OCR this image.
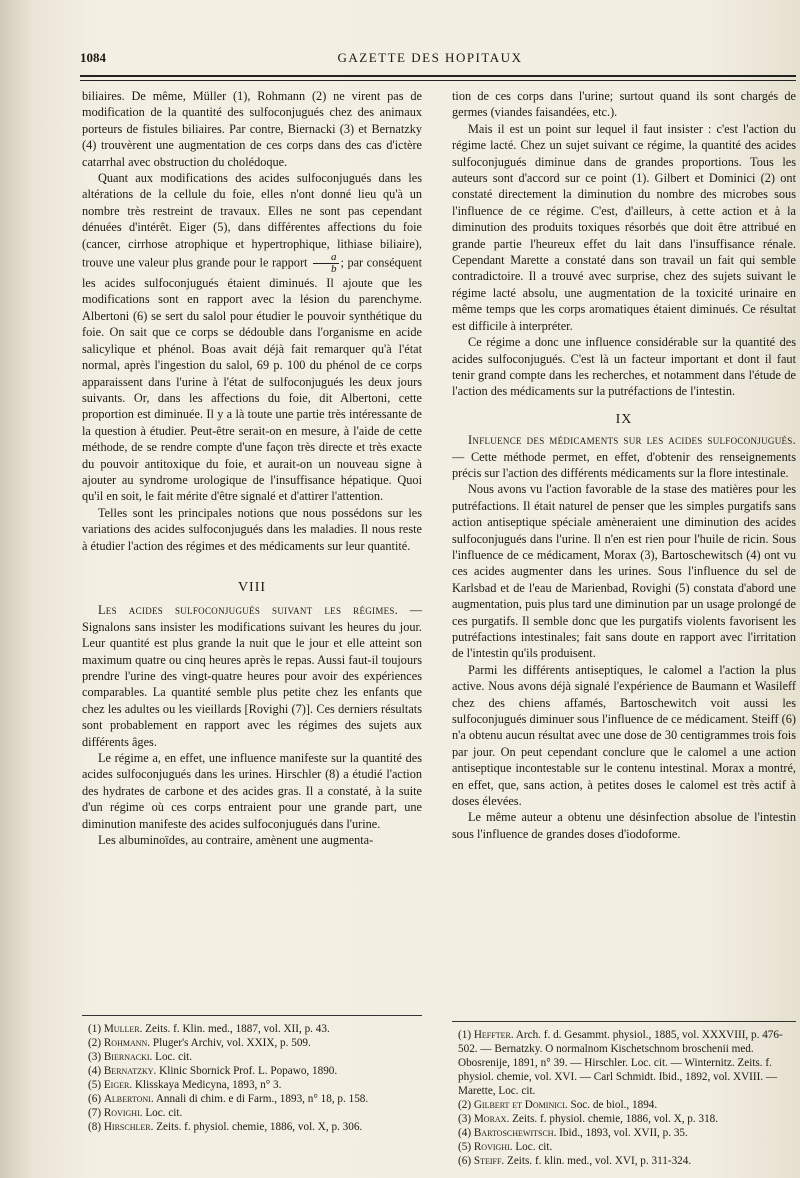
1084	GAZETTE DES HOPITAUX

biliaires. De même, Müller (1), Rohmann (2) ne virent pas de modification de la quantité des sulfoconjugués chez des animaux porteurs de fistules biliaires. Par contre, Biernacki (3) et Bernatzky (4) trouvèrent une augmentation de ces corps dans des cas d'ictère catarrhal avec obstruction du cholédoque.

Quant aux modifications des acides sulfoconjugués dans les altérations de la cellule du foie, elles n'ont donné lieu qu'à un nombre très restreint de travaux. Elles ne sont pas cependant dénuées d'intérêt. Eiger (5), dans différentes affections du foie (cancer, cirrhose atrophique et hypertrophique, lithiase biliaire), trouve une valeur plus grande pour le rapport $\frac{a}{b}$ ; par conséquent les acides sulfoconjugués étaient diminués. Il ajoute que les modifications sont en rapport avec la lésion du parenchyme. Albertoni (6) se sert du salol pour étudier le pouvoir synthétique du foie. On sait que ce corps se dédouble dans l'organisme en acide salicylique et phénol. Boas avait déjà fait remarquer qu'à l'état normal, après l'ingestion du salol, 69 p. 100 du phénol de ce corps apparaissent dans l'urine à l'état de sulfoconjugués les deux jours suivants. Or, dans les affections du foie, dit Albertoni, cette proportion est diminuée. Il y a là toute une partie très intéressante de la question à étudier. Peut-être serait-on en mesure, à l'aide de cette méthode, de se rendre compte d'une façon très directe et très exacte du pouvoir antitoxique du foie, et aurait-on un nouveau signe à ajouter au syndrome urologique de l'insuffisance hépatique. Quoi qu'il en soit, le fait mérite d'être signalé et d'attirer l'attention.

Telles sont les principales notions que nous possédons sur les variations des acides sulfoconjugués dans les maladies. Il nous reste à étudier l'action des régimes et des médicaments sur leur quantité.

VIII

Les acides sulfoconjugués suivant les régimes. — Signalons sans insister les modifications suivant les heures du jour. Leur quantité est plus grande la nuit que le jour et elle atteint son maximum quatre ou cinq heures après le repas. Aussi faut-il toujours prendre l'urine des vingt-quatre heures pour avoir des expériences comparables. La quantité semble plus petite chez les enfants que chez les adultes ou les vieillards [Rovighi (7)]. Ces derniers résultats sont probablement en rapport avec les régimes des sujets aux différents âges.

Le régime a, en effet, une influence manifeste sur la quantité des acides sulfoconjugués dans les urines. Hirschler (8) a étudié l'action des hydrates de carbone et des acides gras. Il a constaté, à la suite d'un régime où ces corps entraient pour une grande part, une diminution manifeste des acides sulfoconjugués dans l'urine.

Les albuminoïdes, au contraire, amènent une augmenta-

tion de ces corps dans l'urine; surtout quand ils sont chargés de germes (viandes faisandées, etc.).

Mais il est un point sur lequel il faut insister : c'est l'action du régime lacté. Chez un sujet suivant ce régime, la quantité des acides sulfoconjugués diminue dans de grandes proportions. Tous les auteurs sont d'accord sur ce point (1). Gilbert et Dominici (2) ont constaté directement la diminution du nombre des microbes sous l'influence de ce régime. C'est, d'ailleurs, à cette action et à la diminution des produits toxiques résorbés que doit être attribué en grande partie l'heureux effet du lait dans l'insuffisance rénale. Cependant Marette a constaté dans son travail un fait qui semble contradictoire. Il a trouvé avec surprise, chez des sujets suivant le régime lacté absolu, une augmentation de la toxicité urinaire en même temps que les corps aromatiques étaient diminués. Ce résultat est difficile à interpréter.

Ce régime a donc une influence considérable sur la quantité des acides sulfoconjugués. C'est là un facteur important et dont il faut tenir grand compte dans les recherches, et notamment dans l'étude de l'action des médicaments sur la putréfactions de l'intestin.

IX

Influence des médicaments sur les acides sulfoconjugués. — Cette méthode permet, en effet, d'obtenir des renseignements précis sur l'action des différents médicaments sur la flore intestinale.

Nous avons vu l'action favorable de la stase des matières pour les putréfactions. Il était naturel de penser que les simples purgatifs sans action antiseptique spéciale amèneraient une diminution des acides sulfoconjugués dans l'urine. Il n'en est rien pour l'huile de ricin. Sous l'influence de ce médicament, Morax (3), Bartoschewitsch (4) ont vu ces acides augmenter dans les urines. Sous l'influence du sel de Karlsbad et de l'eau de Marienbad, Rovighi (5) constata d'abord une augmentation, puis plus tard une diminution par un usage prolongé de ces purgatifs. Il semble donc que les purgatifs violents favorisent les putréfactions intestinales; fait sans doute en rapport avec l'irritation de l'intestin qu'ils produisent.

Parmi les différents antiseptiques, le calomel a l'action la plus active. Nous avons déjà signalé l'expérience de Baumann et Wasileff chez des chiens affamés, Bartoschewitch voit aussi les sulfoconjugués diminuer sous l'influence de ce médicament. Steiff (6) n'a obtenu aucun résultat avec une dose de 30 centigrammes trois fois par jour. On peut cependant conclure que le calomel a une action antiseptique incontestable sur le contenu intestinal. Morax a montré, en effet, que, sans action, à petites doses le calomel est très actif à doses élevées.

Le même auteur a obtenu une désinfection absolue de l'intestin sous l'influence de grandes doses d'iodoforme.

(1) Muller. Zeits. f. Klin. med., 1887, vol. XII, p. 43.

(2) Rohmann. Pluger's Archiv, vol. XXIX, p. 509.

(3) Biernacki. Loc. cit.

(4) Bernatzky. Klinic Sbornick Prof. L. Popawo, 1890.

(5) Eiger. Klisskaya Medicyna, 1893, n° 3.

(6) Albertoni. Annali di chim. e di Farm., 1893, n° 18, p. 158.

(7) Rovighi. Loc. cit.

(8) Hirschler. Zeits. f. physiol. chemie, 1886, vol. X, p. 306.

(1) Heffter. Arch. f. d. Gesammt. physiol., 1885, vol. XXXVIII, p. 476-502. — Bernatzky. O normalnom Kischetschnom broschenii med. Obosrenije, 1891, n° 39. — Hirschler. Loc. cit. — Winternitz. Zeits. f. physiol. chemie, vol. XVI. — Carl Schmidt. Ibid., 1892, vol. XVIII. — Marette, Loc. cit.

(2) Gilbert et Dominici. Soc. de biol., 1894.

(3) Morax. Zeits. f. physiol. chemie, 1886, vol. X, p. 318.

(4) Bartoschewitsch. Ibid., 1893, vol. XVII, p. 35.

(5) Rovighi. Loc. cit.

(6) Steiff. Zeits. f. klin. med., vol. XVI, p. 311-324.
